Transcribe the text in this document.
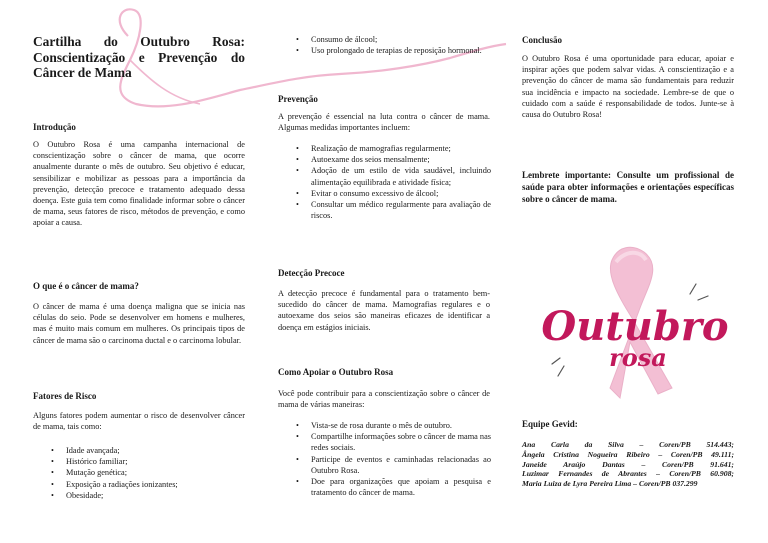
Cartilha do Outubro Rosa: Conscientização e Prevenção do Câncer de Mama
Introdução

O Outubro Rosa é uma campanha internacional de conscientização sobre o câncer de mama, que ocorre anualmente durante o mês de outubro. Seu objetivo é educar, sensibilizar e mobilizar as pessoas para a importância da prevenção, detecção precoce e tratamento adequado dessa doença. Este guia tem como finalidade informar sobre o câncer de mama, seus fatores de risco, métodos de prevenção, e como apoiar a causa.

O que é o câncer de mama?

O câncer de mama é uma doença maligna que se inicia nas células do seio. Pode se desenvolver em homens e mulheres, mas é muito mais comum em mulheres. Os principais tipos de câncer de mama são o carcinoma ductal e o carcinoma lobular.

Fatores de Risco

Alguns fatores podem aumentar o risco de desenvolver câncer de mama, tais como:

• Idade avançada;
• Histórico familiar;
• Mutação genética;
• Exposição a radiações ionizantes;
• Obesidade;
• Consumo de álcool;
• Uso prolongado de terapias de reposição hormonal.
Prevenção

A prevenção é essencial na luta contra o câncer de mama. Algumas medidas importantes incluem:

• Realização de mamografias regularmente;
• Autoexame dos seios mensalmente;
• Adoção de um estilo de vida saudável, incluindo alimentação equilibrada e atividade física;
• Evitar o consumo excessivo de álcool;
• Consultar um médico regularmente para avaliação de riscos.
Detecção Precoce

A detecção precoce é fundamental para o tratamento bem-sucedido do câncer de mama. Mamografias regulares e o autoexame dos seios são maneiras eficazes de identificar a doença em estágios iniciais.

Como Apoiar o Outubro Rosa

Você pode contribuir para a conscientização sobre o câncer de mama de várias maneiras:

• Vista-se de rosa durante o mês de outubro.
• Compartilhe informações sobre o câncer de mama nas redes sociais.
• Participe de eventos e caminhadas relacionadas ao Outubro Rosa.
• Doe para organizações que apoiam a pesquisa e tratamento do câncer de mama.
Conclusão

O Outubro Rosa é uma oportunidade para educar, apoiar e inspirar ações que podem salvar vidas. A conscientização e a prevenção do câncer de mama são fundamentais para reduzir sua incidência e impacto na sociedade. Lembre-se de que o cuidado com a saúde é responsabilidade de todos. Junte-se à causa do Outubro Rosa!

Lembrete importante: Consulte um profissional de saúde para obter informações e orientações específicas sobre o câncer de mama.

Equipe Gevid:
Ana Carla da Silva – Coren/PB 514.443;
Ângela Cristina Nogueira Ribeiro – Coren/PB 49.111;
Janeide Araújo Dantas – Coren/PB 91.641;
Luzimar Fernandes de Abrantes – Coren/PB 60.908;
Maria Luiza de Lyra Pereira Lima – Coren/PB 037.299
Outubro
rosa
